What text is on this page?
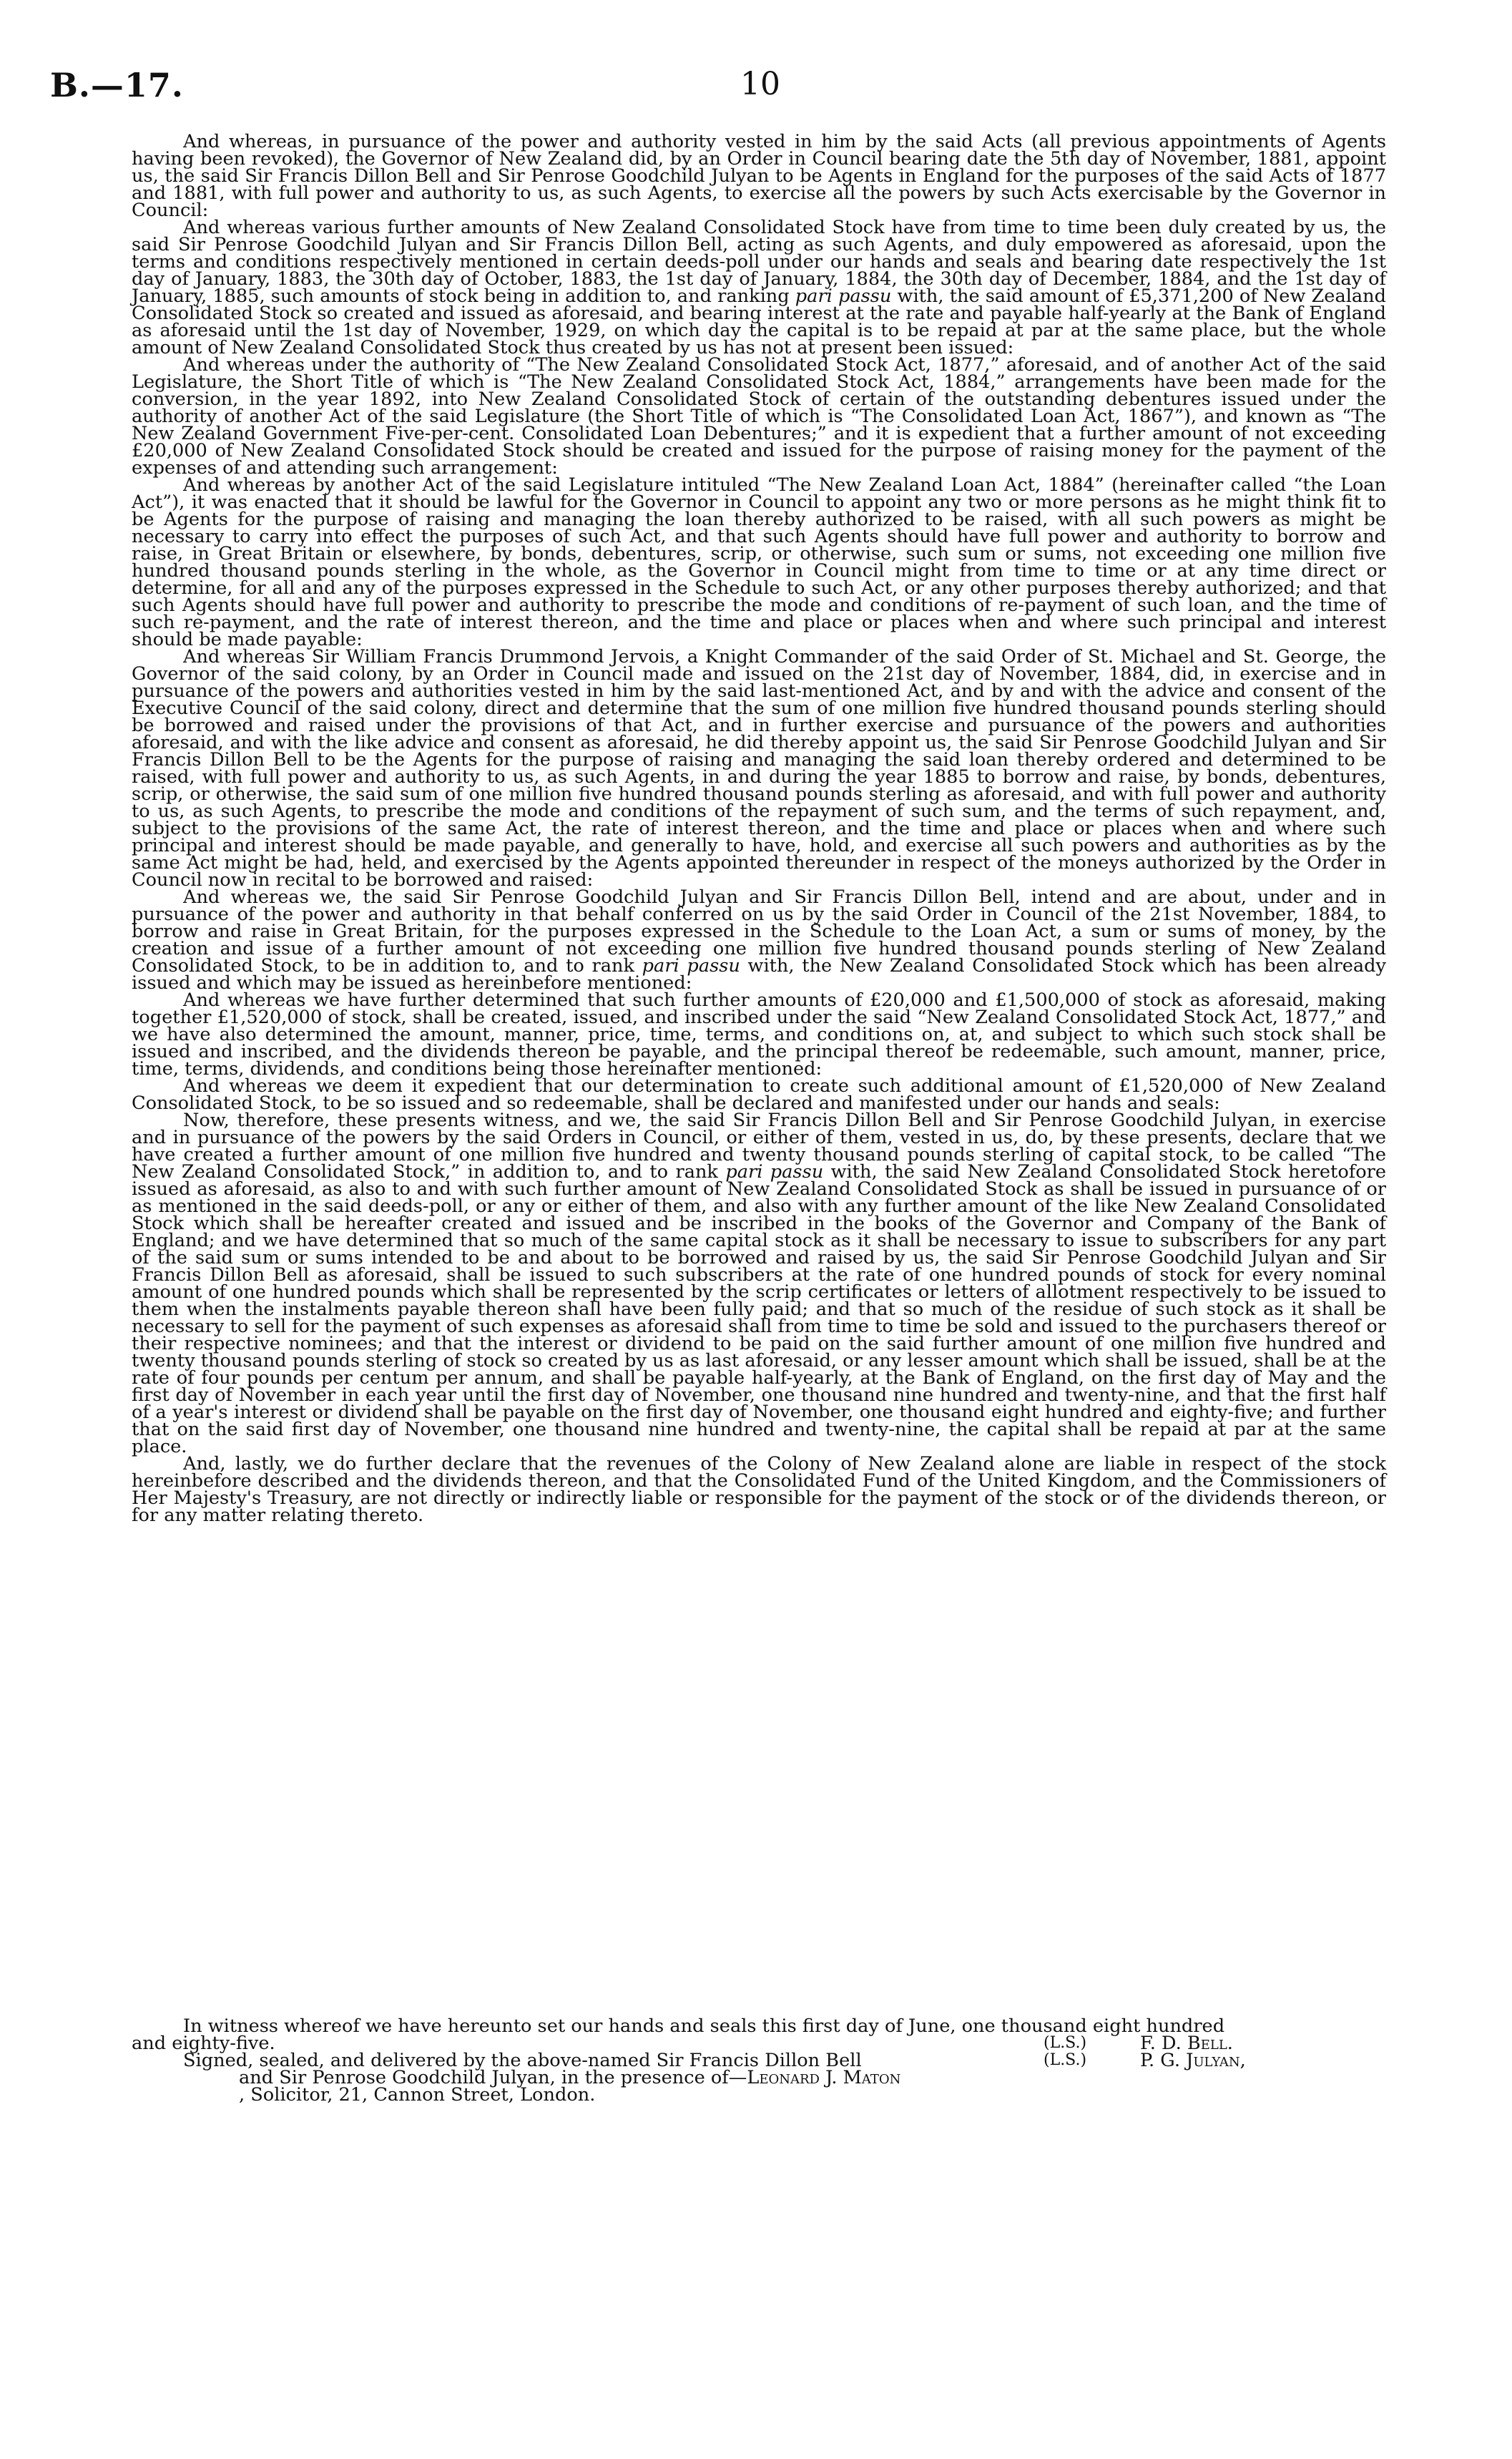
B.—17.	10

And whereas, in pursuance of the power and authority vested in him by the said Acts (all previous appointments of Agents having been revoked), the Governor of New Zealand did, by an Order in Council bearing date the 5th day of November, 1881, appoint us, the said Sir Francis Dillon Bell and Sir Penrose Goodchild Julyan to be Agents in England for the purposes of the said Acts of 1877 and 1881, with full power and authority to us, as such Agents, to exercise all the powers by such Acts exercisable by the Governor in Council:

And whereas various further amounts of New Zealand Consolidated Stock have from time to time been duly created by us, the said Sir Penrose Goodchild Julyan and Sir Francis Dillon Bell, acting as such Agents, and duly empowered as aforesaid, upon the terms and conditions respectively mentioned in certain deeds-poll under our hands and seals and bearing date respectively the 1st day of January, 1883, the 30th day of October, 1883, the 1st day of January, 1884, the 30th day of December, 1884, and the 1st day of January, 1885, such amounts of stock being in addition to, and ranking pari passu with, the said amount of £5,371,200 of New Zealand Consolidated Stock so created and issued as aforesaid, and bearing interest at the rate and payable half-yearly at the Bank of England as aforesaid until the 1st day of November, 1929, on which day the capital is to be repaid at par at the same place, but the whole amount of New Zealand Consolidated Stock thus created by us has not at present been issued:

And whereas under the authority of “The New Zealand Consolidated Stock Act, 1877,” aforesaid, and of another Act of the said Legislature, the Short Title of which is “The New Zealand Consolidated Stock Act, 1884,” arrangements have been made for the conversion, in the year 1892, into New Zealand Consolidated Stock of certain of the outstanding debentures issued under the authority of another Act of the said Legislature (the Short Title of which is “The Consolidated Loan Act, 1867”), and known as “The New Zealand Government Five-per-cent. Consolidated Loan Debentures;” and it is expedient that a further amount of not exceeding £20,000 of New Zealand Consolidated Stock should be created and issued for the purpose of raising money for the payment of the expenses of and attending such arrangement:

And whereas by another Act of the said Legislature intituled “The New Zealand Loan Act, 1884” (hereinafter called “the Loan Act”), it was enacted that it should be lawful for the Governor in Council to appoint any two or more persons as he might think fit to be Agents for the purpose of raising and managing the loan thereby authorized to be raised, with all such powers as might be necessary to carry into effect the purposes of such Act, and that such Agents should have full power and authority to borrow and raise, in Great Britain or elsewhere, by bonds, debentures, scrip, or otherwise, such sum or sums, not exceeding one million five hundred thousand pounds sterling in the whole, as the Governor in Council might from time to time or at any time direct or determine, for all and any of the purposes expressed in the Schedule to such Act, or any other purposes thereby authorized; and that such Agents should have full power and authority to prescribe the mode and conditions of re-payment of such loan, and the time of such re-payment, and the rate of interest thereon, and the time and place or places when and where such principal and interest should be made payable:

And whereas Sir William Francis Drummond Jervois, a Knight Commander of the said Order of St. Michael and St. George, the Governor of the said colony, by an Order in Council made and issued on the 21st day of November, 1884, did, in exercise and in pursuance of the powers and authorities vested in him by the said last-mentioned Act, and by and with the advice and consent of the Executive Council of the said colony, direct and determine that the sum of one million five hundred thousand pounds sterling should be borrowed and raised under the provisions of that Act, and in further exercise and pursuance of the powers and authorities aforesaid, and with the like advice and consent as aforesaid, he did thereby appoint us, the said Sir Penrose Goodchild Julyan and Sir Francis Dillon Bell to be the Agents for the purpose of raising and managing the said loan thereby ordered and determined to be raised, with full power and authority to us, as such Agents, in and during the year 1885 to borrow and raise, by bonds, debentures, scrip, or otherwise, the said sum of one million five hundred thousand pounds sterling as aforesaid, and with full power and authority to us, as such Agents, to prescribe the mode and conditions of the repayment of such sum, and the terms of such repayment, and, subject to the provisions of the same Act, the rate of interest thereon, and the time and place or places when and where such principal and interest should be made payable, and generally to have, hold, and exercise all such powers and authorities as by the same Act might be had, held, and exercised by the Agents appointed thereunder in respect of the moneys authorized by the Order in Council now in recital to be borrowed and raised:

And whereas we, the said Sir Penrose Goodchild Julyan and Sir Francis Dillon Bell, intend and are about, under and in pursuance of the power and authority in that behalf conferred on us by the said Order in Council of the 21st November, 1884, to borrow and raise in Great Britain, for the purposes expressed in the Schedule to the Loan Act, a sum or sums of money, by the creation and issue of a further amount of not exceeding one million five hundred thousand pounds sterling of New Zealand Consolidated Stock, to be in addition to, and to rank pari passu with, the New Zealand Consolidated Stock which has been already issued and which may be issued as hereinbefore mentioned:

And whereas we have further determined that such further amounts of £20,000 and £1,500,000 of stock as aforesaid, making together £1,520,000 of stock, shall be created, issued, and inscribed under the said “New Zealand Consolidated Stock Act, 1877,” and we have also determined the amount, manner, price, time, terms, and conditions on, at, and subject to which such stock shall be issued and inscribed, and the dividends thereon be payable, and the principal thereof be redeemable, such amount, manner, price, time, terms, dividends, and conditions being those hereinafter mentioned:

And whereas we deem it expedient that our determination to create such additional amount of £1,520,000 of New Zealand Consolidated Stock, to be so issued and so redeemable, shall be declared and manifested under our hands and seals:

Now, therefore, these presents witness, and we, the said Sir Francis Dillon Bell and Sir Penrose Goodchild Julyan, in exercise and in pursuance of the powers by the said Orders in Council, or either of them, vested in us, do, by these presents, declare that we have created a further amount of one million five hundred and twenty thousand pounds sterling of capital stock, to be called “The New Zealand Consolidated Stock,” in addition to, and to rank pari passu with, the said New Zealand Consolidated Stock heretofore issued as aforesaid, as also to and with such further amount of New Zealand Consolidated Stock as shall be issued in pursuance of or as mentioned in the said deeds-poll, or any or either of them, and also with any further amount of the like New Zealand Consolidated Stock which shall be hereafter created and issued and be inscribed in the books of the Governor and Company of the Bank of England; and we have determined that so much of the same capital stock as it shall be necessary to issue to subscribers for any part of the said sum or sums intended to be and about to be borrowed and raised by us, the said Sir Penrose Goodchild Julyan and Sir Francis Dillon Bell as aforesaid, shall be issued to such subscribers at the rate of one hundred pounds of stock for every nominal amount of one hundred pounds which shall be represented by the scrip certificates or letters of allotment respectively to be issued to them when the instalments payable thereon shall have been fully paid; and that so much of the residue of such stock as it shall be necessary to sell for the payment of such expenses as aforesaid shall from time to time be sold and issued to the purchasers thereof or their respective nominees; and that the interest or dividend to be paid on the said further amount of one million five hundred and twenty thousand pounds sterling of stock so created by us as last aforesaid, or any lesser amount which shall be issued, shall be at the rate of four pounds per centum per annum, and shall be payable half-yearly, at the Bank of England, on the first day of May and the first day of November in each year until the first day of November, one thousand nine hundred and twenty-nine, and that the first half of a year's interest or dividend shall be payable on the first day of November, one thousand eight hundred and eighty-five; and further that on the said first day of November, one thousand nine hundred and twenty-nine, the capital shall be repaid at par at the same place.

And, lastly, we do further declare that the revenues of the Colony of New Zealand alone are liable in respect of the stock hereinbefore described and the dividends thereon, and that the Consolidated Fund of the United Kingdom, and the Commissioners of Her Majesty's Treasury, are not directly or indirectly liable or responsible for the payment of the stock or of the dividends thereon, or for any matter relating thereto.

In witness whereof we have hereunto set our hands and seals this first day of June, one thousand eight hundred
and eighty-five.	(L.S.)	F. D. Bell.
Signed, sealed, and delivered by the above-named Sir Francis Dillon Bell	(L.S.)	P. G. Julyan,
and Sir Penrose Goodchild Julyan, in the presence of—Leonard J. Maton
, Solicitor, 21, Cannon Street, London.
